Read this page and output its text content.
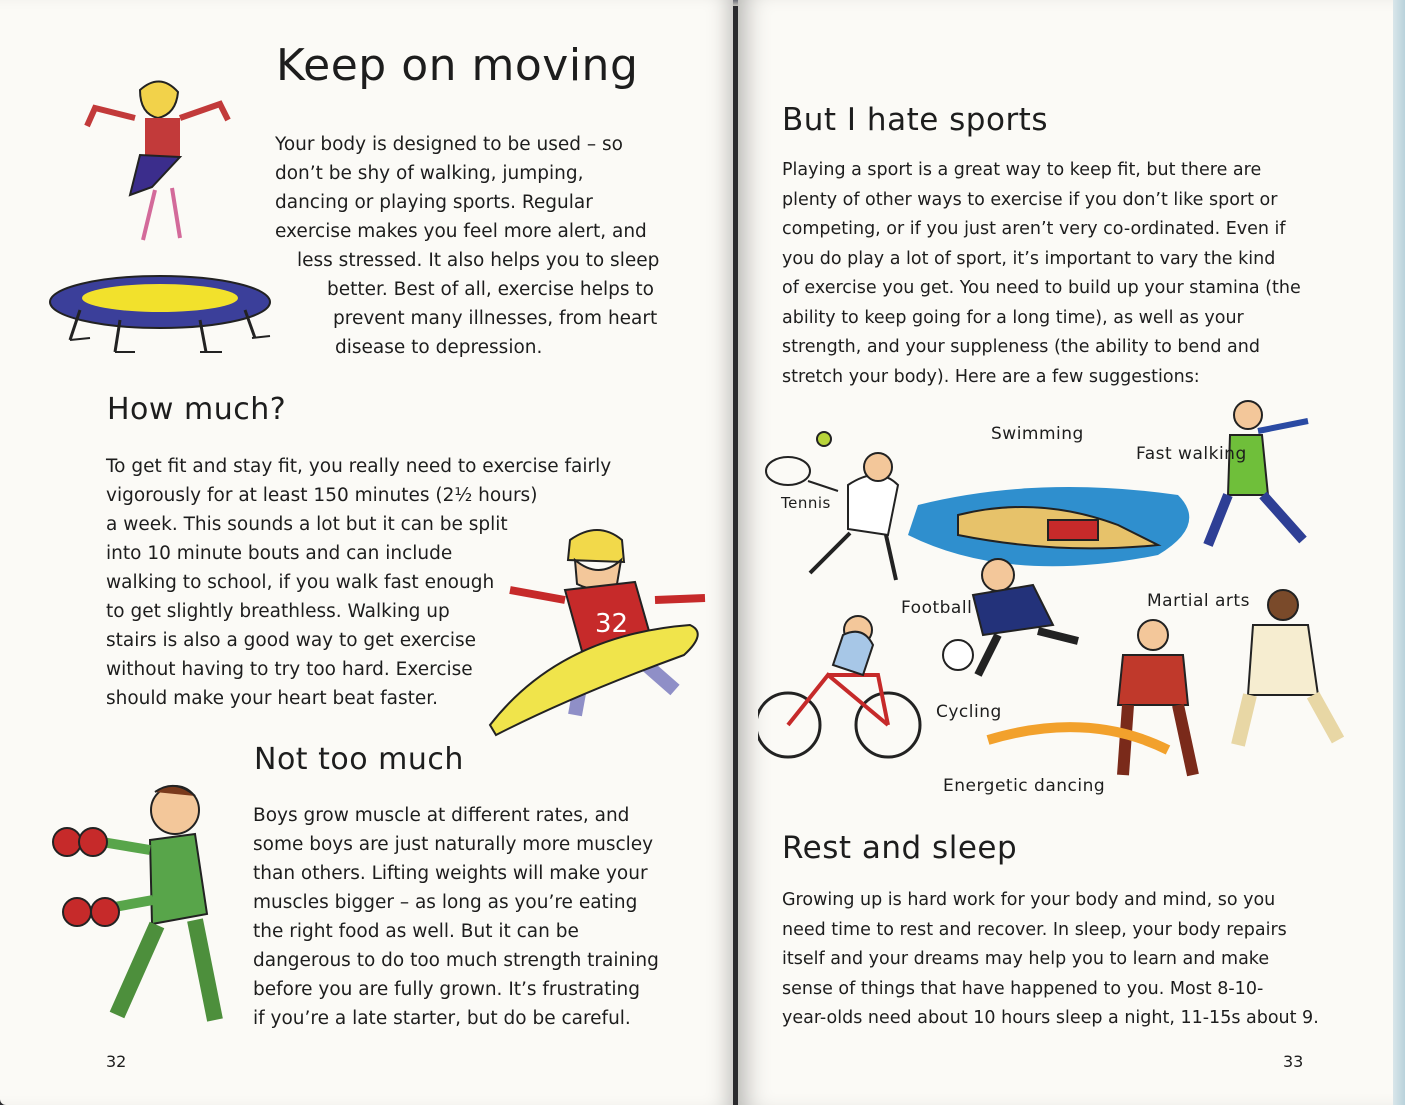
Keep on moving
Your body is designed to be used – so
don’t be shy of walking, jumping,
dancing or playing sports. Regular
exercise makes you feel more alert, and
less stressed. It also helps you to sleep
better. Best of all, exercise helps to
prevent many illnesses, from heart
disease to depression.
How much?
To get fit and stay fit, you really need to exercise fairly
vigorously for at least 150 minutes (2½ hours)
a week. This sounds a lot but it can be split
into 10 minute bouts and can include
walking to school, if you walk fast enough
to get slightly breathless. Walking up
stairs is also a good way to get exercise
without having to try too hard. Exercise
should make your heart beat faster.
32
Not too much
Boys grow muscle at different rates, and
some boys are just naturally more muscley
than others. Lifting weights will make your
muscles bigger – as long as you’re eating
the right food as well. But it can be
dangerous to do too much strength training
before you are fully grown. It’s frustrating
if you’re a late starter, but do be careful.
32
But I hate sports
Playing a sport is a great way to keep fit, but there are
plenty of other ways to exercise if you don’t like sport or
competing, or if you just aren’t very co-ordinated. Even if
you do play a lot of sport, it’s important to vary the kind
of exercise you get. You need to build up your stamina (the
ability to keep going for a long time), as well as your
strength, and your suppleness (the ability to bend and
stretch your body). Here are a few suggestions:
Swimming
Fast walking
Tennis
Football	Martial arts
Cycling
Energetic dancing
Rest and sleep
Growing up is hard work for your body and mind, so you
need time to rest and recover. In sleep, your body repairs
itself and your dreams may help you to learn and make
sense of things that have happened to you. Most 8-10-
year-olds need about 10 hours sleep a night, 11-15s about 9.
33
